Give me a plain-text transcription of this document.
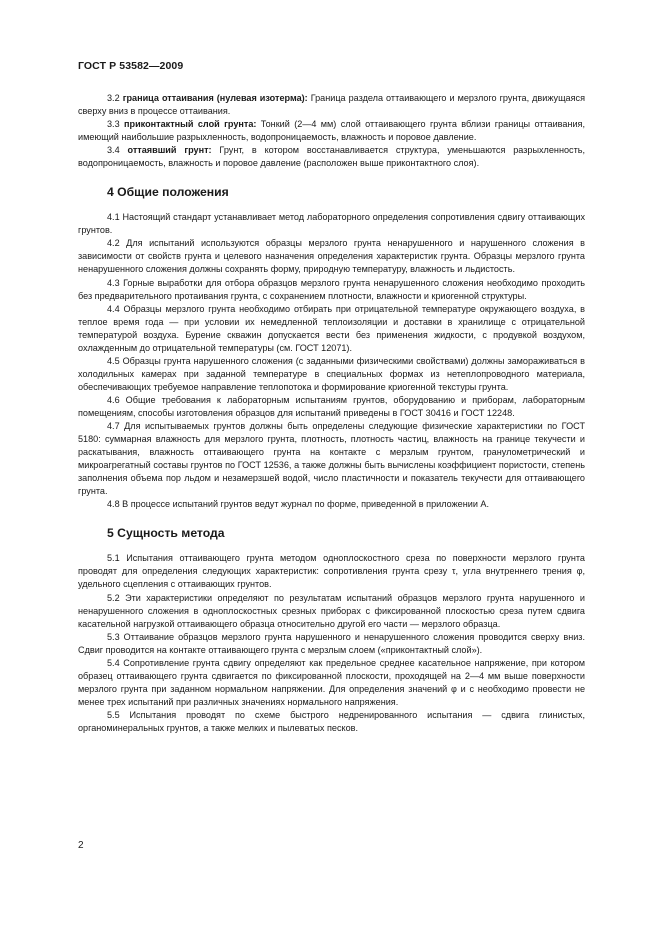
ГОСТ Р 53582—2009

3.2 граница оттаивания (нулевая изотерма): Граница раздела оттаивающего и мерзлого грунта, движущаяся сверху вниз в процессе оттаивания.

3.3 приконтактный слой грунта: Тонкий (2—4 мм) слой оттаивающего грунта вблизи границы оттаивания, имеющий наибольшие разрыхленность, водопроницаемость, влажность и поровое давление.

3.4 оттаявший грунт: Грунт, в котором восстанавливается структура, уменьшаются разрыхленность, водопроницаемость, влажность и поровое давление (расположен выше приконтактного слоя).

4 Общие положения

4.1 Настоящий стандарт устанавливает метод лабораторного определения сопротивления сдвигу оттаивающих грунтов.

4.2 Для испытаний используются образцы мерзлого грунта ненарушенного и нарушенного сложения в зависимости от свойств грунта и целевого назначения определения характеристик грунта. Образцы мерзлого грунта ненарушенного сложения должны сохранять форму, природную температуру, влажность и льдистость.

4.3 Горные выработки для отбора образцов мерзлого грунта ненарушенного сложения необходимо проходить без предварительного протаивания грунта, с сохранением плотности, влажности и криогенной структуры.

4.4 Образцы мерзлого грунта необходимо отбирать при отрицательной температуре окружающего воздуха, в теплое время года — при условии их немедленной теплоизоляции и доставки в хранилище с отрицательной температурой воздуха. Бурение скважин допускается вести без применения жидкости, с продувкой воздухом, охлажденным до отрицательной температуры (см. ГОСТ 12071).

4.5 Образцы грунта нарушенного сложения (с заданными физическими свойствами) должны замораживаться в холодильных камерах при заданной температуре в специальных формах из нетеплопроводного материала, обеспечивающих требуемое направление теплопотока и формирование криогенной текстуры грунта.

4.6 Общие требования к лабораторным испытаниям грунтов, оборудованию и приборам, лабораторным помещениям, способы изготовления образцов для испытаний приведены в ГОСТ 30416 и ГОСТ 12248.

4.7 Для испытываемых грунтов должны быть определены следующие физические характеристики по ГОСТ 5180: суммарная влажность для мерзлого грунта, плотность, плотность частиц, влажность на границе текучести и раскатывания, влажность оттаивающего грунта на контакте с мерзлым грунтом, гранулометрический и микроагрегатный составы грунтов по ГОСТ 12536, а также должны быть вычислены коэффициент пористости, степень заполнения объема пор льдом и незамерзшей водой, число пластичности и показатель текучести для оттаивающего грунта.

4.8 В процессе испытаний грунтов ведут журнал по форме, приведенной в приложении А.

5 Сущность метода

5.1 Испытания оттаивающего грунта методом одноплоскостного среза по поверхности мерзлого грунта проводят для определения следующих характеристик: сопротивления грунта срезу τ, угла внутреннего трения φ, удельного сцепления с оттаивающих грунтов.

5.2 Эти характеристики определяют по результатам испытаний образцов мерзлого грунта нарушенного и ненарушенного сложения в одноплоскостных срезных приборах с фиксированной плоскостью среза путем сдвига касательной нагрузкой оттаивающего образца относительно другой его части — мерзлого образца.

5.3 Оттаивание образцов мерзлого грунта нарушенного и ненарушенного сложения проводится сверху вниз. Сдвиг проводится на контакте оттаивающего грунта с мерзлым слоем («приконтактный слой»).

5.4 Сопротивление грунта сдвигу определяют как предельное среднее касательное напряжение, при котором образец оттаивающего грунта сдвигается по фиксированной плоскости, проходящей на 2—4 мм выше поверхности мерзлого грунта при заданном нормальном напряжении. Для определения значений φ и с необходимо провести не менее трех испытаний при различных значениях нормального напряжения.

5.5 Испытания проводят по схеме быстрого недренированного испытания — сдвига глинистых, органоминеральных грунтов, а также мелких и пылеватых песков.

2
